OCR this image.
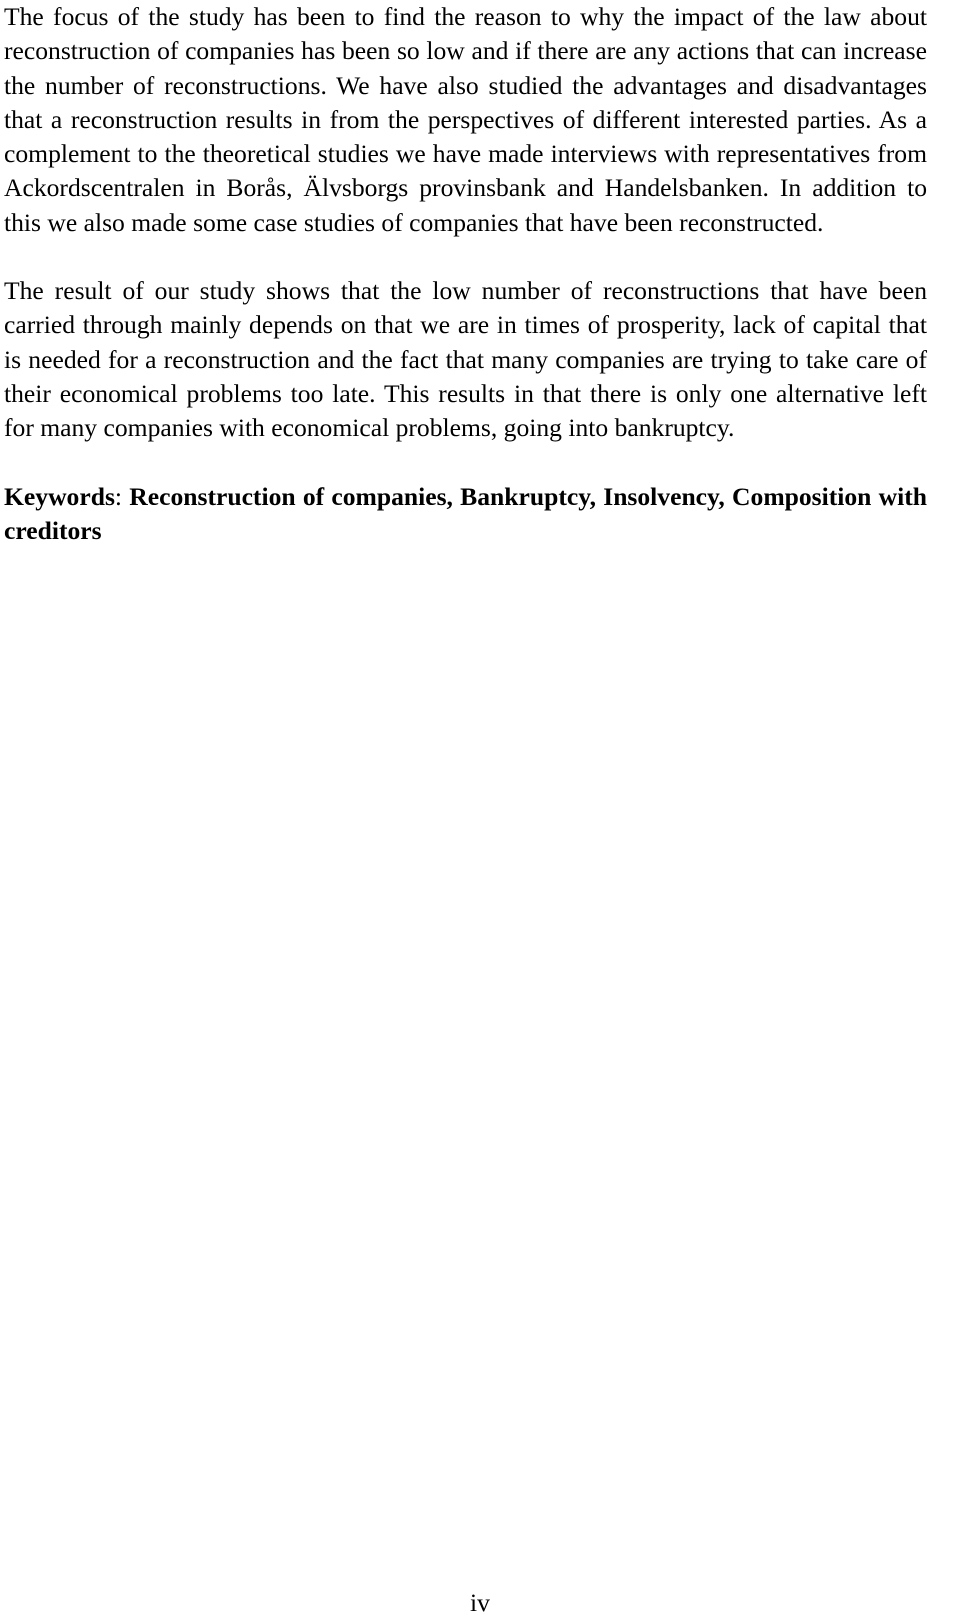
The focus of the study has been to find the reason to why the impact of the law about reconstruction of companies has been so low and if there are any actions that can increase the number of reconstructions. We have also studied the advantages and disadvantages that a reconstruction results in from the perspectives of different interested parties. As a complement to the theoretical studies we have made interviews with representatives from Ackordscentralen in Borås, Älvsborgs provinsbank and Handelsbanken. In addition to this we also made some case studies of companies that have been reconstructed.

The result of our study shows that the low number of reconstructions that have been carried through mainly depends on that we are in times of prosperity, lack of capital that is needed for a reconstruction and the fact that many companies are trying to take care of their economical problems too late. This results in that there is only one alternative left for many companies with economical problems, going into bankruptcy.

Keywords: Reconstruction of companies, Bankruptcy, Insolvency, Composition with creditors

iv
